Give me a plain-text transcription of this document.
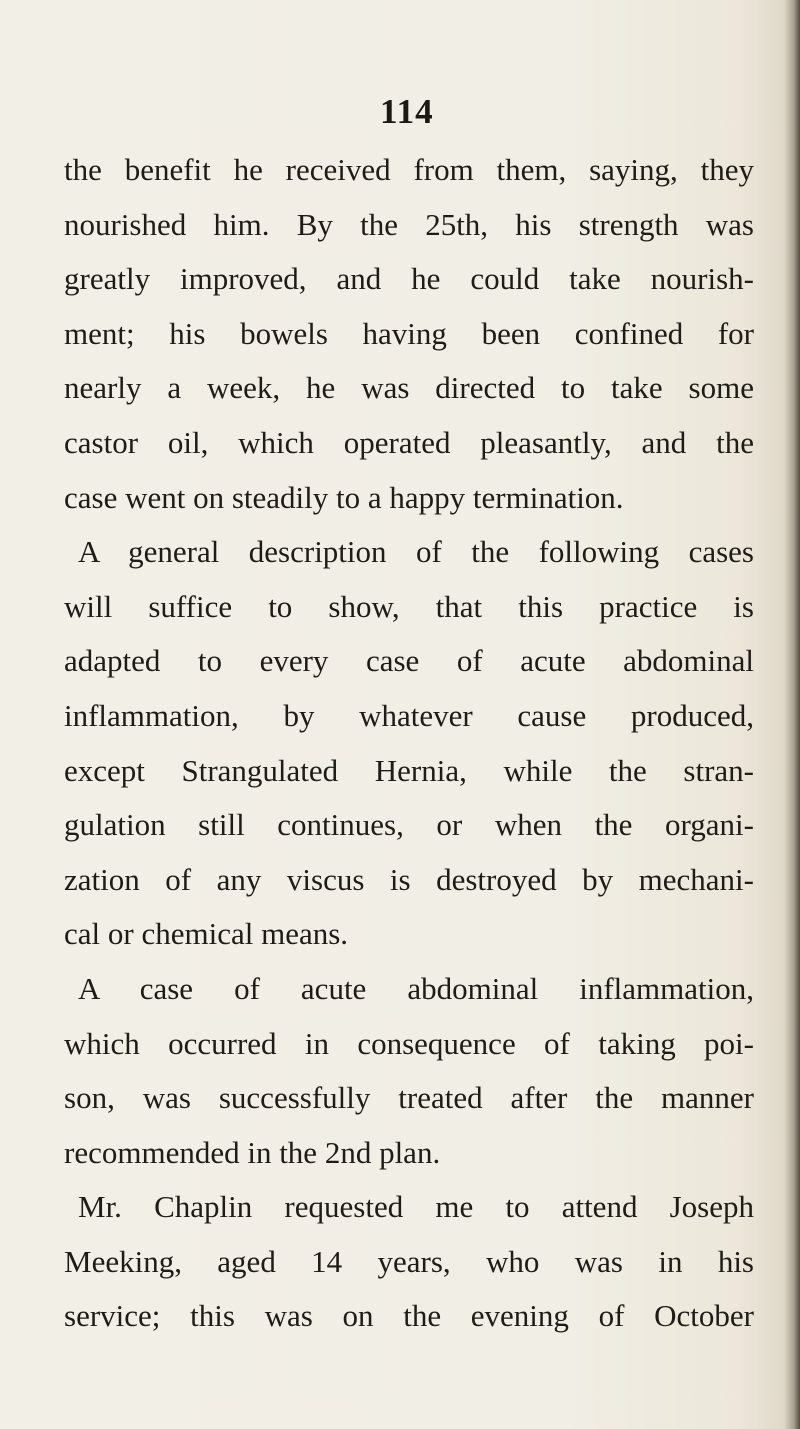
114
the benefit he received from them, saying, they
nourished him. By the 25th, his strength was
greatly improved, and he could take nourish-
ment; his bowels having been confined for
nearly a week, he was directed to take some
castor oil, which operated pleasantly, and the
case went on steadily to a happy termination.
A general description of the following cases
will suffice to show, that this practice is
adapted to every case of acute abdominal
inflammation, by whatever cause produced,
except Strangulated Hernia, while the stran-
gulation still continues, or when the organi-
zation of any viscus is destroyed by mechani-
cal or chemical means.
A case of acute abdominal inflammation,
which occurred in consequence of taking poi-
son, was successfully treated after the manner
recommended in the 2nd plan.
Mr. Chaplin requested me to attend Joseph
Meeking, aged 14 years, who was in his
service; this was on the evening of October
